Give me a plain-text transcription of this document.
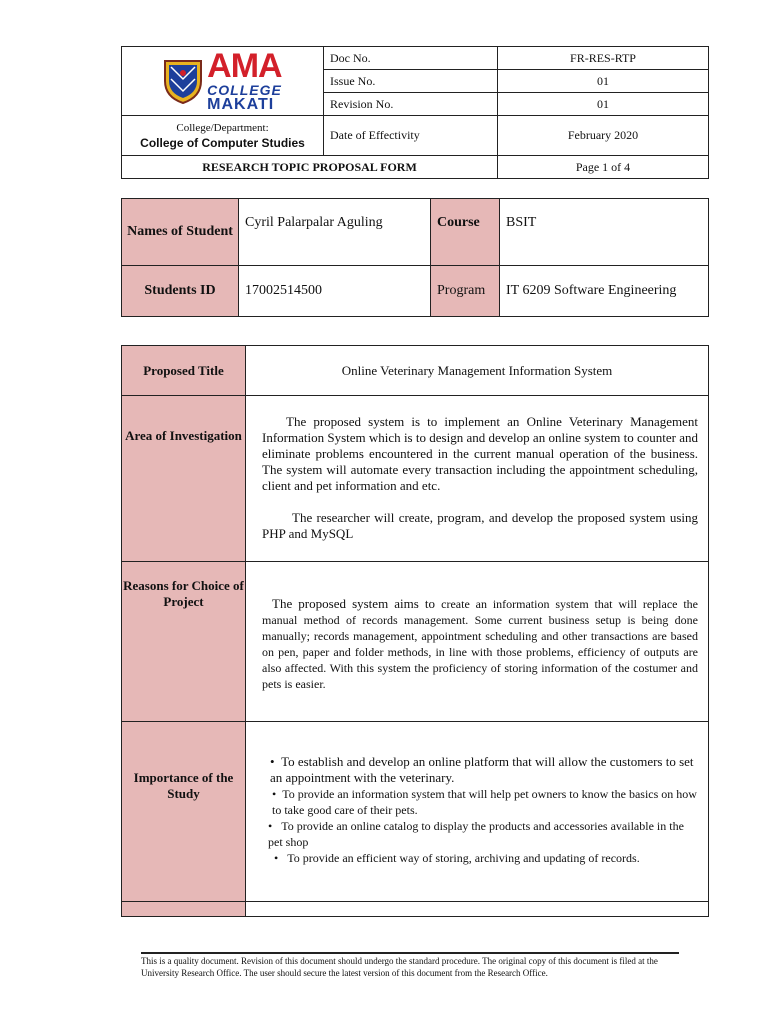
AMA
COLLEGE
MAKATI	Doc No.	FR-RES-RTP
	Issue No.	01
	Revision No.	01

College/Department:
College of Computer Studies	Date of Effectivity	February 2020
RESEARCH TOPIC PROPOSAL FORM		Page 1 of 4
Names of Student	Cyril Palarpalar Aguling	Course	BSIT
Students ID	17002514500	Program	IT 6209 Software Engineering
Proposed Title	Online Veterinary Management Information System
Area of Investigation	The proposed system is to implement an Online Veterinary Management Information System which is to design and develop an online system to counter and eliminate problems encountered in the current manual operation of the business. The system will automate every transaction including the appointment scheduling, client and pet information and etc.

The researcher will create, program, and develop the proposed system using PHP and MySQL

Reasons for Choice of Project	The proposed system aims to create an information system that will replace the manual method of records management. Some current business setup is being done manually; records management, appointment scheduling and other transactions are based on pen, paper and folder methods, in line with those problems, efficiency of outputs are also affected. With this system the proficiency of storing information of the costumer and pets is easier.
Importance of the Study	•  To establish and develop an online platform that will allow the customers to set an appointment with the veterinary.

•  To provide an information system that will help pet owners to know the basics on how to take good care of their pets.

•   To provide an online catalog to display the products and accessories available in the pet shop

•   To provide an efficient way of storing, archiving and updating of records.

This is a quality document. Revision of this document should undergo the standard procedure. The original copy of this document is filed at the University Research Office. The user should secure the latest version of this document from the Research Office.
